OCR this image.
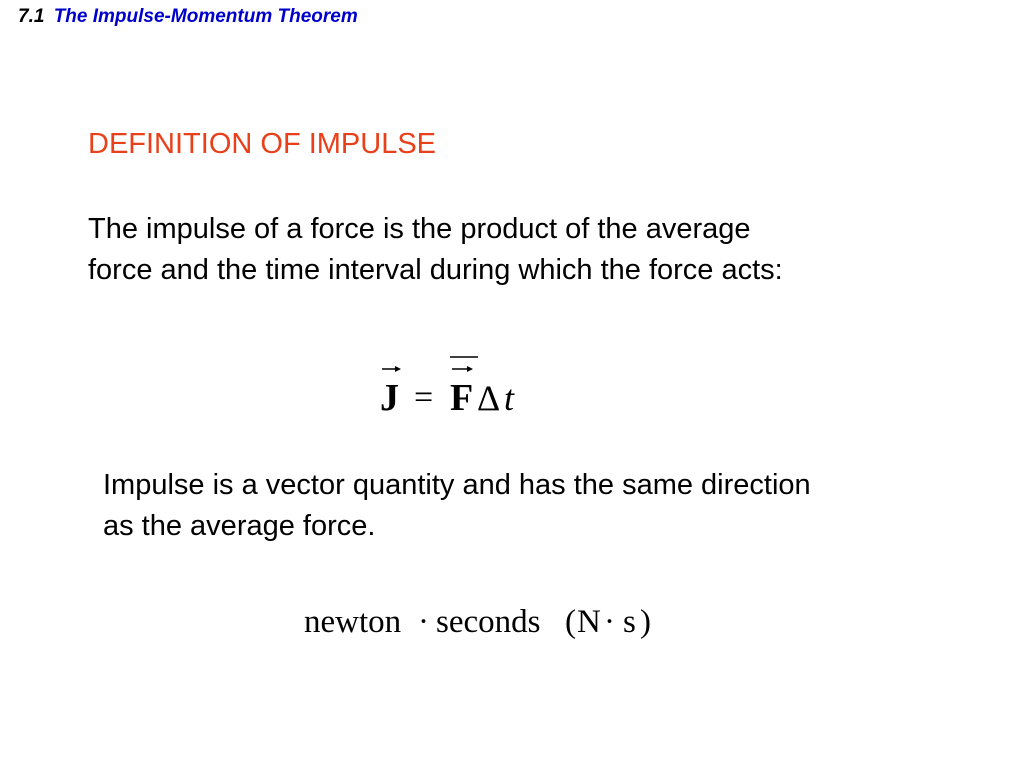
7.1 The Impulse-Momentum Theorem
DEFINITION OF IMPULSE
The impulse of a force is the product of the average
force and the time interval during which the force acts:
J = F Δ t
Impulse is a vector quantity and has the same direction
as the average force.
newton · seconds ( N · s )
